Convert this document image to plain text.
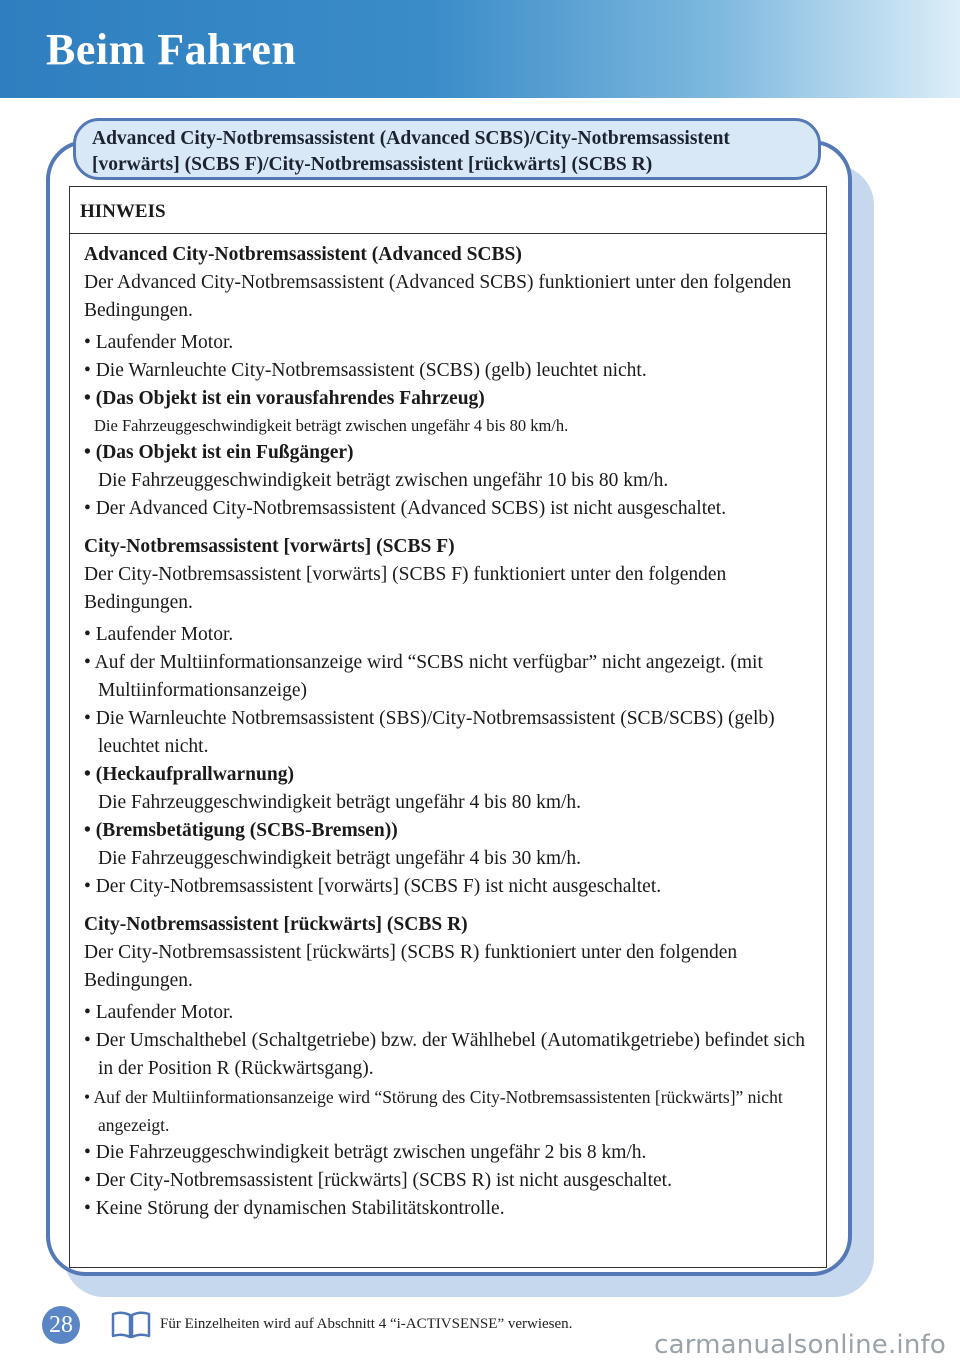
Beim Fahren
Advanced City-Notbremsassistent (Advanced SCBS)/City-Notbremsassistent
[vorwärts] (SCBS F)/City-Notbremsassistent [rückwärts] (SCBS R)
HINWEIS
Advanced City-Notbremsassistent (Advanced SCBS)
Der Advanced City-Notbremsassistent (Advanced SCBS) funktioniert unter den folgenden Bedingungen.
• Laufender Motor.
• Die Warnleuchte City-Notbremsassistent (SCBS) (gelb) leuchtet nicht.
• (Das Objekt ist ein vorausfahrendes Fahrzeug)
Die Fahrzeuggeschwindigkeit beträgt zwischen ungefähr 4 bis 80 km/h.
• (Das Objekt ist ein Fußgänger)
Die Fahrzeuggeschwindigkeit beträgt zwischen ungefähr 10 bis 80 km/h.
• Der Advanced City-Notbremsassistent (Advanced SCBS) ist nicht ausgeschaltet.
City-Notbremsassistent [vorwärts] (SCBS F)
Der City-Notbremsassistent [vorwärts] (SCBS F) funktioniert unter den folgenden Bedingungen.
• Laufender Motor.
• Auf der Multiinformationsanzeige wird “SCBS nicht verfügbar” nicht angezeigt. (mit Multiinformationsanzeige)
• Die Warnleuchte Notbremsassistent (SBS)/City-Notbremsassistent (SCB/SCBS) (gelb) leuchtet nicht.
• (Heckaufprallwarnung)
Die Fahrzeuggeschwindigkeit beträgt ungefähr 4 bis 80 km/h.
• (Bremsbetätigung (SCBS-Bremsen))
Die Fahrzeuggeschwindigkeit beträgt ungefähr 4 bis 30 km/h.
• Der City-Notbremsassistent [vorwärts] (SCBS F) ist nicht ausgeschaltet.
City-Notbremsassistent [rückwärts] (SCBS R)
Der City-Notbremsassistent [rückwärts] (SCBS R) funktioniert unter den folgenden Bedingungen.
• Laufender Motor.
• Der Umschalthebel (Schaltgetriebe) bzw. der Wählhebel (Automatikgetriebe) befindet sich in der Position R (Rückwärtsgang).
• Auf der Multiinformationsanzeige wird “Störung des City-Notbremsassistenten [rückwärts]” nicht angezeigt.
• Die Fahrzeuggeschwindigkeit beträgt zwischen ungefähr 2 bis 8 km/h.
• Der City-Notbremsassistent [rückwärts] (SCBS R) ist nicht ausgeschaltet.
• Keine Störung der dynamischen Stabilitätskontrolle.
28	Für Einzelheiten wird auf Abschnitt 4 “i-ACTIVSENSE” verwiesen.
carmanualsonline.info
